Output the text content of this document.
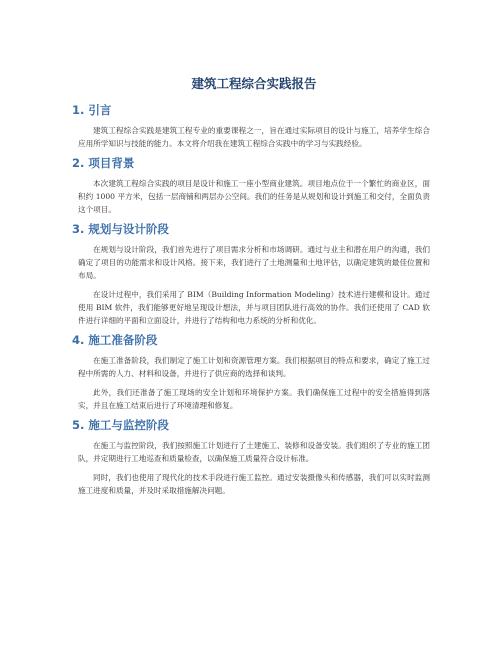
建筑工程综合实践报告
1. 引言

建筑工程综合实践是建筑工程专业的重要课程之一，旨在通过实际项目的设计与施工，培养学生综合应用所学知识与技能的能力。本文将介绍我在建筑工程综合实践中的学习与实践经验。

2. 项目背景

本次建筑工程综合实践的项目是设计和施工一座小型商业建筑。项目地点位于一个繁忙的商业区，面积约 1000 平方米，包括一层商铺和两层办公空间。我们的任务是从规划和设计到施工和交付，全面负责这个项目。

3. 规划与设计阶段

在规划与设计阶段，我们首先进行了项目需求分析和市场调研。通过与业主和潜在用户的沟通，我们确定了项目的功能需求和设计风格。接下来，我们进行了土地测量和土地评估，以确定建筑的最佳位置和布局。

在设计过程中，我们采用了 BIM（Building Information Modeling）技术进行建模和设计。通过使用 BIM 软件，我们能够更好地呈现设计想法，并与项目团队进行高效的协作。我们还使用了 CAD 软件进行详细的平面和立面设计，并进行了结构和电力系统的分析和优化。

4. 施工准备阶段

在施工准备阶段，我们制定了施工计划和资源管理方案。我们根据项目的特点和要求，确定了施工过程中所需的人力、材料和设备，并进行了供应商的选择和谈判。

此外，我们还准备了施工现场的安全计划和环境保护方案。我们确保施工过程中的安全措施得到落实，并且在施工结束后进行了环境清理和修复。

5. 施工与监控阶段

在施工与监控阶段，我们按照施工计划进行了土建施工、装修和设备安装。我们组织了专业的施工团队，并定期进行工地巡查和质量检查，以确保施工质量符合设计标准。

同时，我们也使用了现代化的技术手段进行施工监控。通过安装摄像头和传感器，我们可以实时监测施工进度和质量，并及时采取措施解决问题。
